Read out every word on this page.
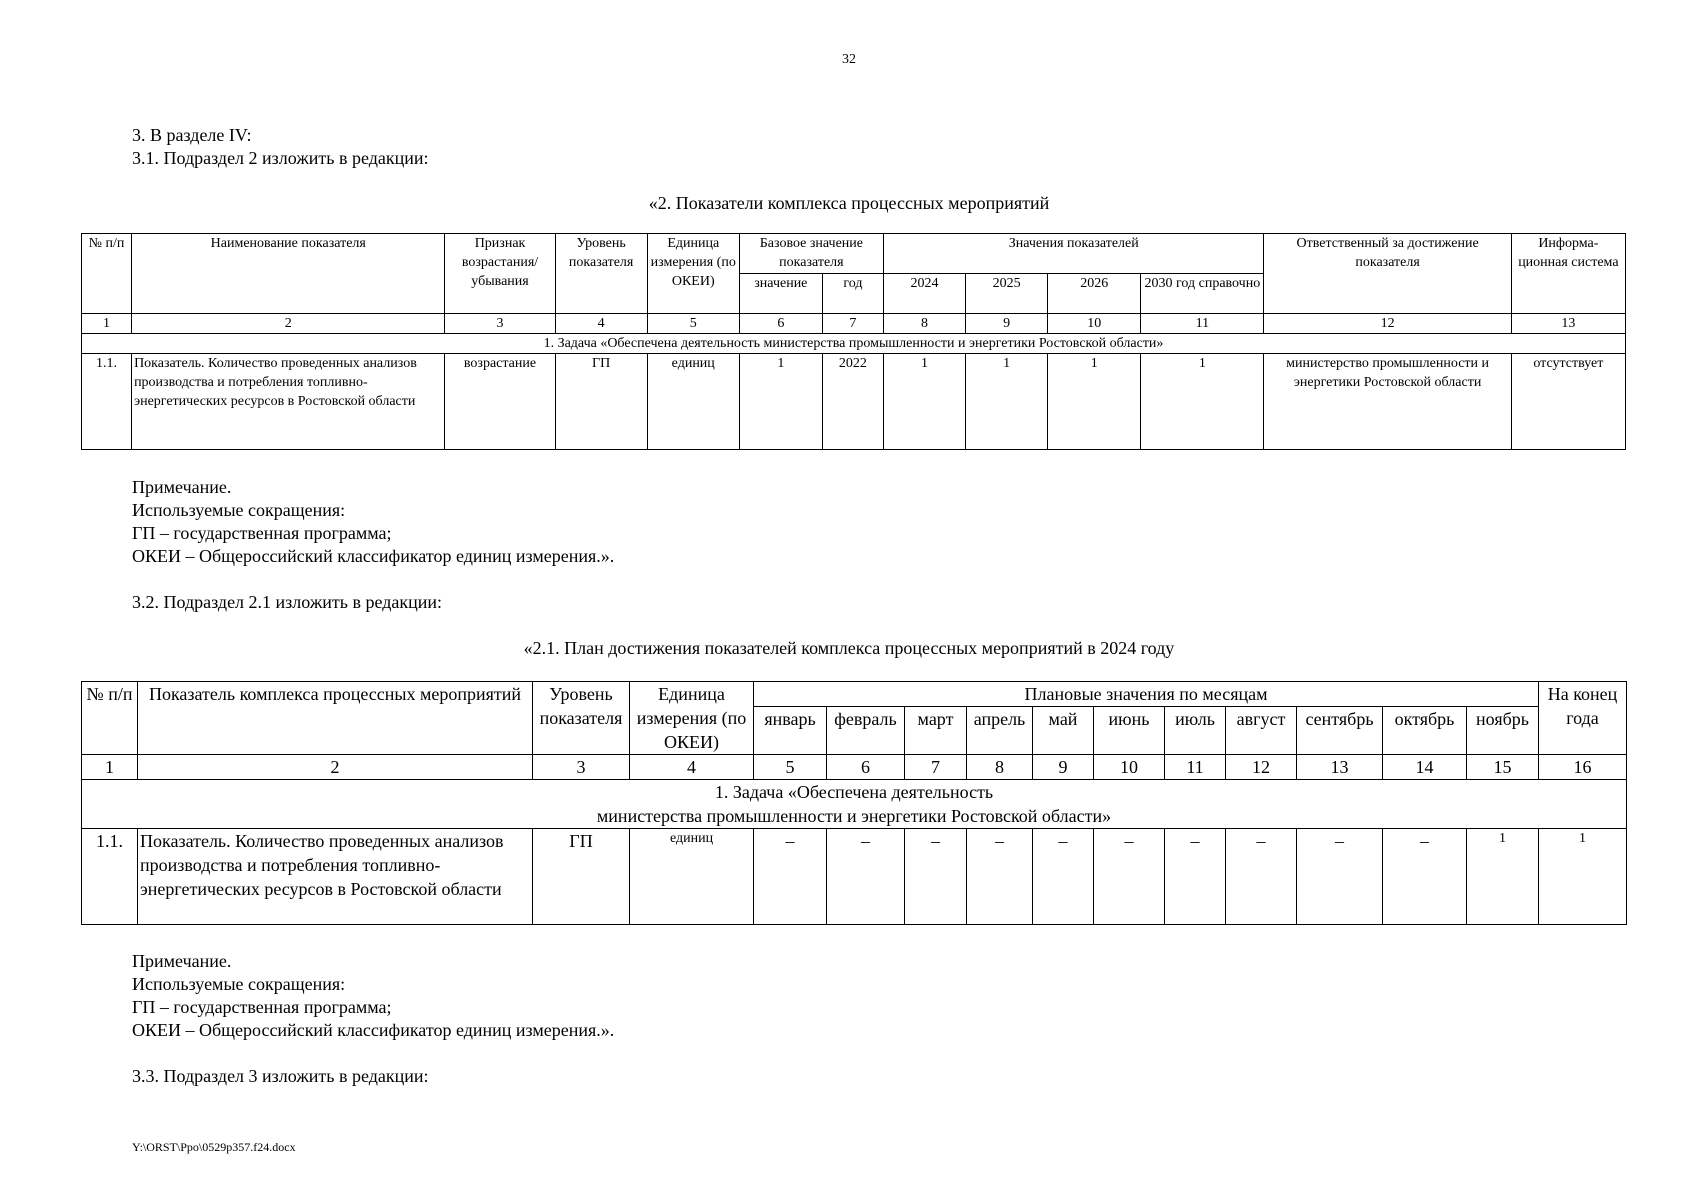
32
3. В разделе IV:
3.1. Подраздел 2 изложить в редакции:
«2. Показатели комплекса процессных мероприятий
№ п/п	Наименование показателя	Признак возрастания/ убывания	Уровень показателя	Единица измерения (по ОКЕИ)	Базовое значение показателя		Значения показателей				Ответственный за достижение показателя	Информа-ционная система
					значение	год	2024	2025	2026	2030 год справочно		
1	2	3	4	5	6	7	8	9	10	11	12	13
1. Задача «Обеспечена деятельность министерства промышленности и энергетики Ростовской области»												
1.1.	Показатель. Количество проведенных анализов производства и потребления топливно-энергетических ресурсов в Ростовской области	возрастание	ГП	единиц	1	2022	1	1	1	1	министерство промышленности и энергетики Ростовской области	отсутствует
Примечание.
Используемые сокращения:
ГП – государственная программа;
ОКЕИ – Общероссийский классификатор единиц измерения.».
3.2. Подраздел 2.1 изложить в редакции:
«2.1. План достижения показателей комплекса процессных мероприятий в 2024 году
№ п/п	Показатель комплекса процессных мероприятий	Уровень показателя	Единица измерения (по ОКЕИ)	Плановые значения по месяцам											На конец года
				январь	февраль	март	апрель	май	июнь	июль	август	сентябрь	октябрь	ноябрь	
1	2	3	4	5	6	7	8	9	10	11	12	13	14	15	16

1. Задача «Обеспечена деятельность
министерства промышленности и энергетики Ростовской области»															

1.1.	Показатель. Количество проведенных анализов производства и потребления топливно-энергетических ресурсов в Ростовской области	ГП	единиц	–	–	–	–	–	–	–	–	–	–	1	1
Примечание.
Используемые сокращения:
ГП – государственная программа;
ОКЕИ – Общероссийский классификатор единиц измерения.».
3.3. Подраздел 3 изложить в редакции:
Y:\ORST\Ppo\0529p357.f24.docx
